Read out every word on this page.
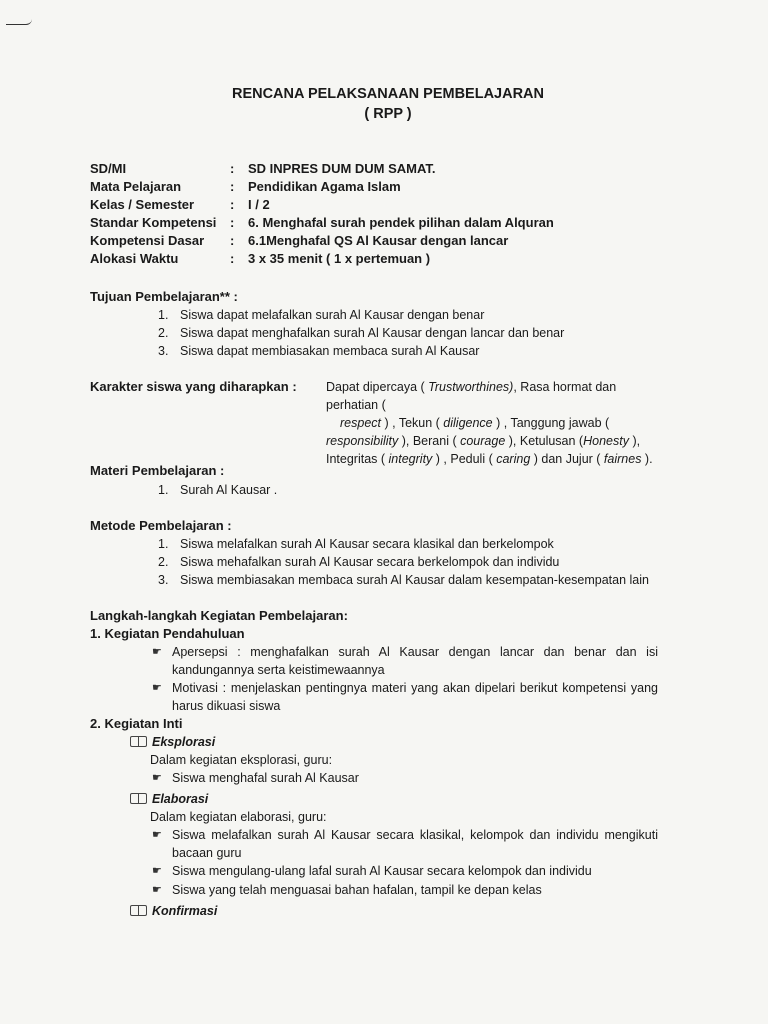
RENCANA PELAKSANAAN PEMBELAJARAN
( RPP )
SD/MI	: SD INPRES DUM DUM SAMAT.
Mata Pelajaran	: Pendidikan Agama Islam
Kelas / Semester	: I / 2
Standar Kompetensi : 6. Menghafal surah pendek pilihan dalam Alquran
Kompetensi Dasar : 6.1Menghafal QS Al Kausar dengan lancar
Alokasi Waktu	: 3 x 35 menit ( 1 x pertemuan )
Tujuan Pembelajaran** :
1. Siswa dapat melafalkan surah Al Kausar dengan benar
2. Siswa dapat menghafalkan surah Al Kausar dengan lancar dan benar
3. Siswa dapat membiasakan membaca surah Al Kausar
Karakter siswa yang diharapkan : Dapat dipercaya ( Trustworthines), Rasa hormat dan perhatian (
respect ) , Tekun ( diligence ) , Tanggung jawab (
responsibility ), Berani ( courage ), Ketulusan (Honesty ),
Integritas ( integrity ) , Peduli ( caring ) dan Jujur ( fairnes ).
Materi Pembelajaran :
1. Surah Al Kausar .
Metode Pembelajaran :
1. Siswa melafalkan surah Al Kausar secara klasikal dan berkelompok
2. Siswa mehafalkan surah Al Kausar secara berkelompok dan individu
3. Siswa membiasakan membaca surah Al Kausar dalam kesempatan-kesempatan lain
Langkah-langkah Kegiatan Pembelajaran:
1. Kegiatan Pendahuluan
☛ Apersepsi : menghafalkan surah Al Kausar dengan lancar dan benar dan isi kandungannya serta keistimewaannya
☛ Motivasi : menjelaskan pentingnya materi yang akan dipelari berikut kompetensi yang harus dikuasi siswa
2. Kegiatan Inti
Eksplorasi
Dalam kegiatan eksplorasi, guru:
☛ Siswa menghafal surah Al Kausar
Elaborasi
Dalam kegiatan elaborasi, guru:
☛ Siswa melafalkan surah Al Kausar secara klasikal, kelompok dan individu mengikuti bacaan guru
☛ Siswa mengulang-ulang lafal surah Al Kausar secara kelompok dan individu
☛ Siswa yang telah menguasai bahan hafalan, tampil ke depan kelas
Konfirmasi
